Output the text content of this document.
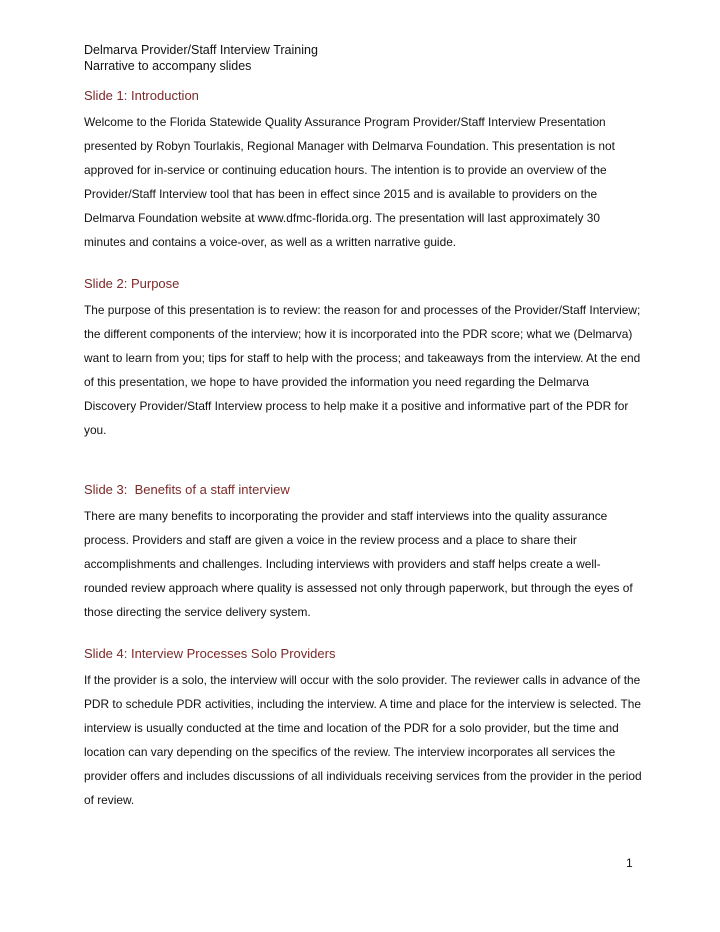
Delmarva Provider/Staff Interview Training
Narrative to accompany slides
Slide 1: Introduction

Welcome to the Florida Statewide Quality Assurance Program Provider/Staff Interview Presentation presented by Robyn Tourlakis, Regional Manager with Delmarva Foundation. This presentation is not approved for in-service or continuing education hours. The intention is to provide an overview of the Provider/Staff Interview tool that has been in effect since 2015 and is available to providers on the Delmarva Foundation website at www.dfmc-florida.org. The presentation will last approximately 30 minutes and contains a voice-over, as well as a written narrative guide.

Slide 2: Purpose

The purpose of this presentation is to review: the reason for and processes of the Provider/Staff Interview; the different components of the interview; how it is incorporated into the PDR score; what we (Delmarva) want to learn from you; tips for staff to help with the process; and takeaways from the interview. At the end of this presentation, we hope to have provided the information you need regarding the Delmarva Discovery Provider/Staff Interview process to help make it a positive and informative part of the PDR for you.

Slide 3:  Benefits of a staff interview

There are many benefits to incorporating the provider and staff interviews into the quality assurance process. Providers and staff are given a voice in the review process and a place to share their accomplishments and challenges. Including interviews with providers and staff helps create a well-rounded review approach where quality is assessed not only through paperwork, but through the eyes of those directing the service delivery system.

Slide 4: Interview Processes Solo Providers

If the provider is a solo, the interview will occur with the solo provider. The reviewer calls in advance of the PDR to schedule PDR activities, including the interview. A time and place for the interview is selected. The interview is usually conducted at the time and location of the PDR for a solo provider, but the time and location can vary depending on the specifics of the review. The interview incorporates all services the provider offers and includes discussions of all individuals receiving services from the provider in the period of review.

1
